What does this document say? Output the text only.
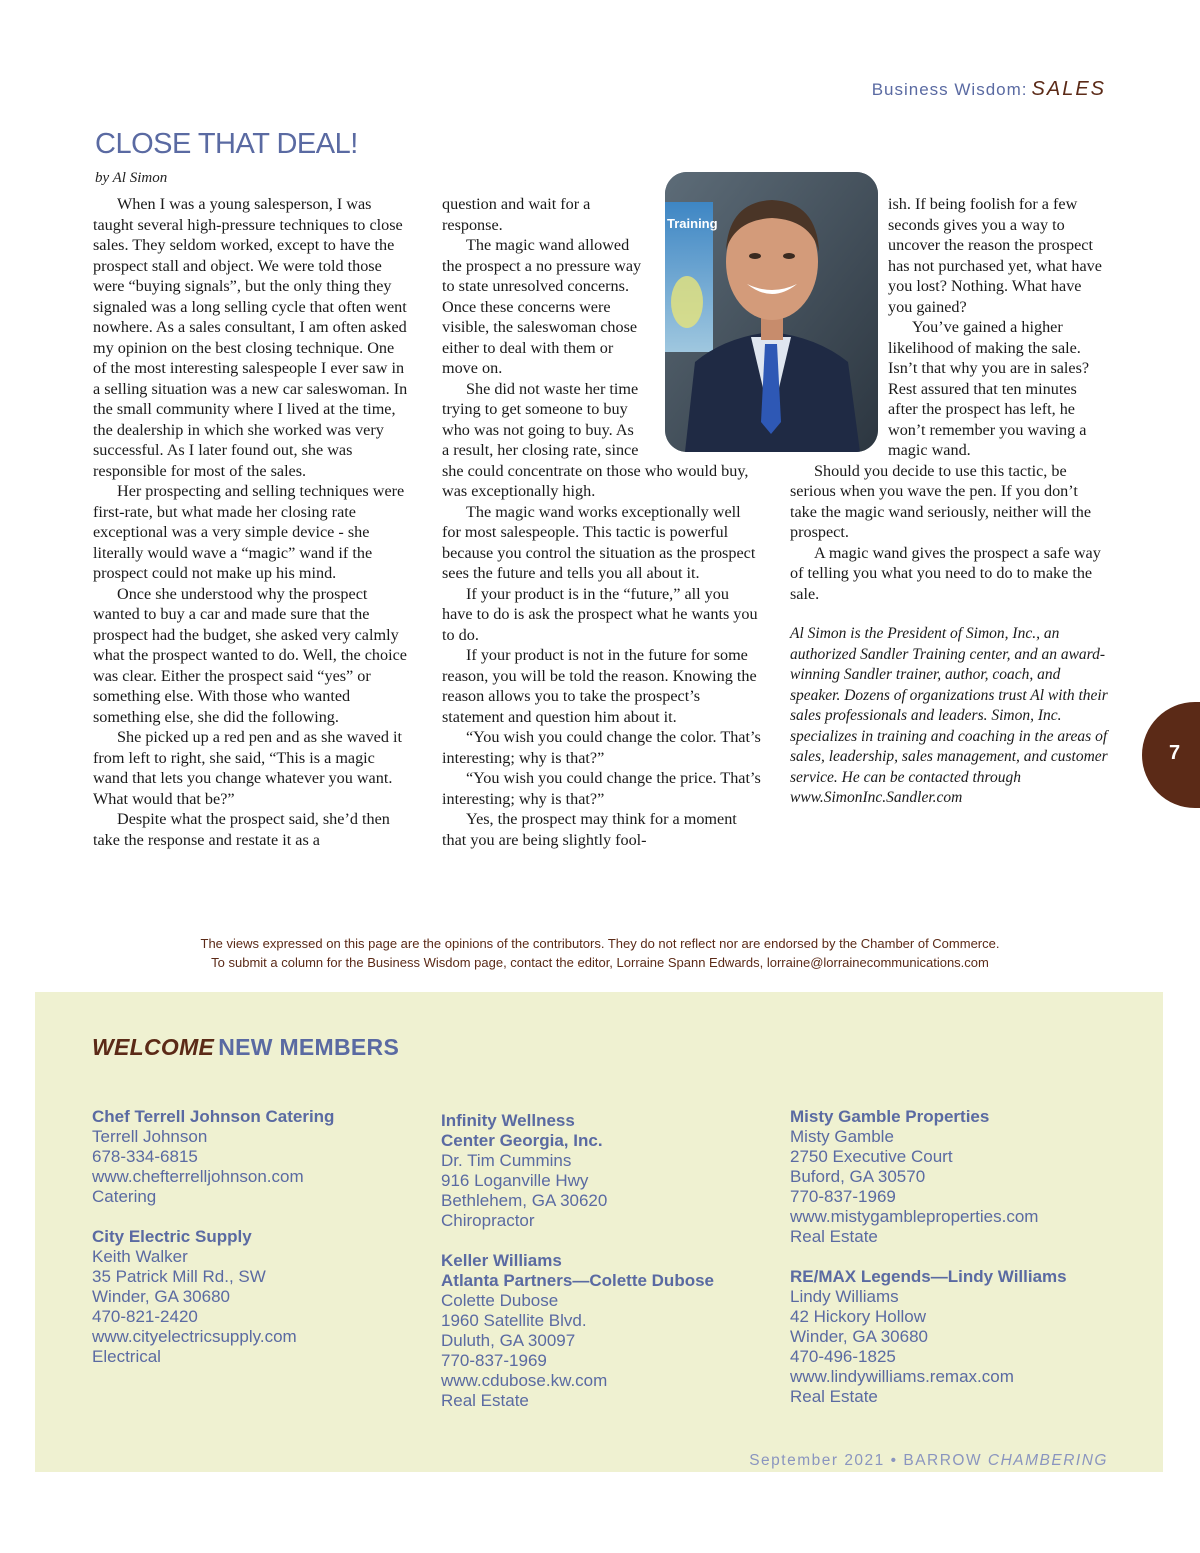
Business Wisdom: SALES
CLOSE THAT DEAL!
by Al Simon

When I was a young salesperson, I was taught several high-pressure techniques to close sales. They seldom worked, except to have the prospect stall and object. We were told those were “buying signals”, but the only thing they signaled was a long selling cycle that often went nowhere. As a sales consultant, I am often asked my opinion on the best closing technique. One of the most interesting salespeople I ever saw in a selling situation was a new car saleswoman. In the small community where I lived at the time, the dealership in which she worked was very successful. As I later found out, she was responsible for most of the sales.

Her prospecting and selling techniques were first-rate, but what made her closing rate exceptional was a very simple device - she literally would wave a “magic” wand if the prospect could not make up his mind.

Once she understood why the prospect wanted to buy a car and made sure that the prospect had the budget, she asked very calmly what the prospect wanted to do. Well, the choice was clear. Either the prospect said “yes” or something else. With those who wanted something else, she did the following.

She picked up a red pen and as she waved it from left to right, she said, “This is a magic wand that lets you change whatever you want. What would that be?”

Despite what the prospect said, she’d then take the response and restate it as a

question and wait for a response.

The magic wand allowed the prospect a no pressure way to state unresolved concerns. Once these concerns were visible, the saleswoman chose either to deal with them or move on.

She did not waste her time trying to get someone to buy who was not going to buy. As a result, her closing rate, since she could concentrate on those who would buy, was exceptionally high.

The magic wand works exceptionally well for most salespeople. This tactic is powerful because you control the situation as the prospect sees the future and tells you all about it.

If your product is in the “future,” all you have to do is ask the prospect what he wants you to do.

If your product is not in the future for some reason, you will be told the reason. Knowing the reason allows you to take the prospect’s statement and question him about it.

“You wish you could change the color. That’s interesting; why is that?”

“You wish you could change the price. That’s interesting; why is that?”

Yes, the prospect may think for a moment that you are being slightly fool-

ish. If being foolish for a few seconds gives you a way to uncover the reason the prospect has not purchased yet, what have you lost? Nothing. What have you gained?

You’ve gained a higher likelihood of making the sale. Isn’t that why you are in sales? Rest assured that ten minutes after the prospect has left, he won’t remember you waving a magic wand.

Should you decide to use this tactic, be serious when you wave the pen. If you don’t take the magic wand seriously, neither will the prospect.

A magic wand gives the prospect a safe way of telling you what you need to do to make the sale.

Al Simon is the President of Simon, Inc., an authorized Sandler Training center, and an award-winning Sandler trainer, author, coach, and speaker. Dozens of organizations trust Al with their sales professionals and leaders. Simon, Inc. specializes in training and coaching in the areas of sales, leadership, sales management, and customer service. He can be contacted through www.SimonInc.Sandler.com

Training
The views expressed on this page are the opinions of the contributors. They do not reflect nor are endorsed by the Chamber of Commerce.
To submit a column for the Business Wisdom page, contact the editor, Lorraine Spann Edwards, lorraine@lorrainecommunications.com
WELCOME NEW MEMBERS
Chef Terrell Johnson Catering
Terrell Johnson
678-334-6815
www.chefterrelljohnson.com
Catering
City Electric Supply
Keith Walker
35 Patrick Mill Rd., SW
Winder, GA 30680
470-821-2420
www.cityelectricsupply.com
Electrical
Infinity Wellness
Center Georgia, Inc.
Dr. Tim Cummins
916 Loganville Hwy
Bethlehem, GA 30620
Chiropractor
Keller Williams
Atlanta Partners—Colette Dubose
Colette Dubose
1960 Satellite Blvd.
Duluth, GA 30097
770-837-1969
www.cdubose.kw.com
Real Estate
Misty Gamble Properties
Misty Gamble
2750 Executive Court
Buford, GA 30570
770-837-1969
www.mistygambleproperties.com
Real Estate
RE/MAX Legends—Lindy Williams
Lindy Williams
42 Hickory Hollow
Winder, GA 30680
470-496-1825
www.lindywilliams.remax.com
Real Estate
7
September 2021 • BARROW CHAMBERING
